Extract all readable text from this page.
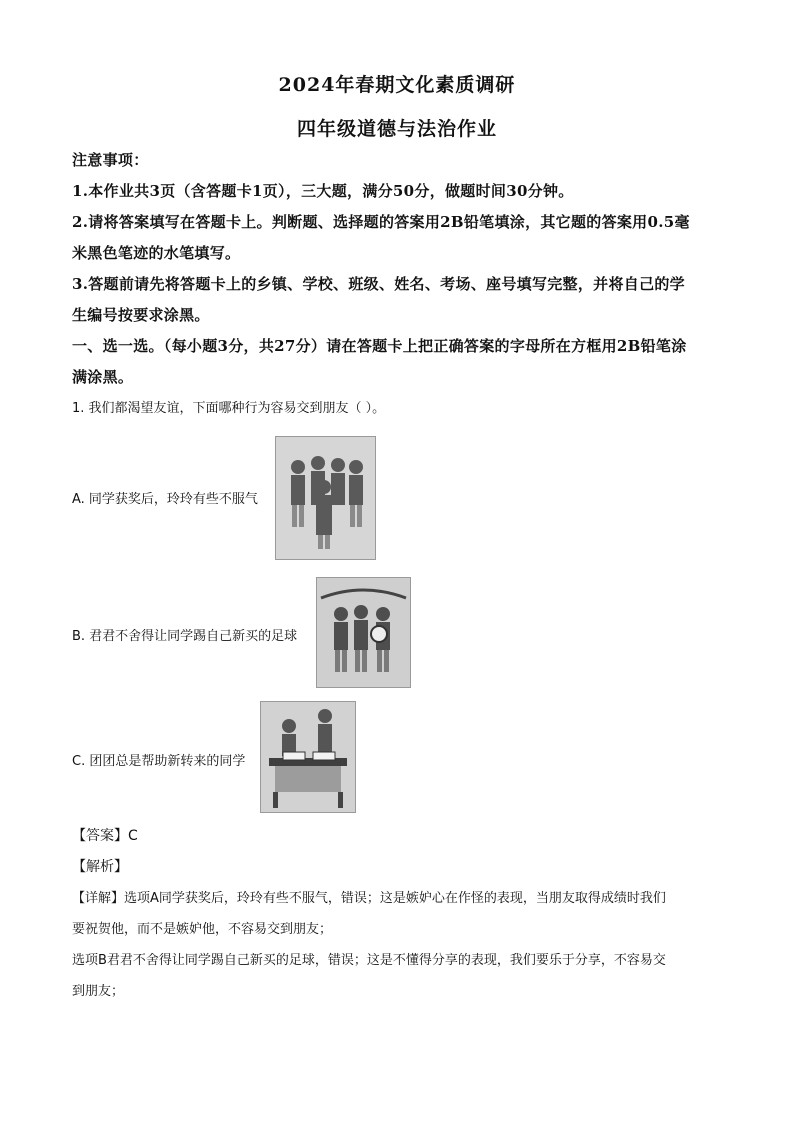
2024年春期文化素质调研
四年级道德与法治作业
注意事项：
1.本作业共3页（含答题卡1页），三大题，满分50分，做题时间30分钟。
2.请将答案填写在答题卡上。判断题、选择题的答案用2B铅笔填涂，其它题的答案用0.5毫
米黑色笔迹的水笔填写。
3.答题前请先将答题卡上的乡镇、学校、班级、姓名、考场、座号填写完整，并将自己的学
生编号按要求涂黑。
一、选一选。（每小题3分，共27分）请在答题卡上把正确答案的字母所在方框用2B铅笔涂
满涂黑。
1. 我们都渴望友谊，下面哪种行为容易交到朋友（ ）。
A. 同学获奖后，玲玲有些不服气
B. 君君不舍得让同学踢自己新买的足球
C. 团团总是帮助新转来的同学
【答案】C
【解析】
【详解】选项A同学获奖后，玲玲有些不服气，错误；这是嫉妒心在作怪的表现，当朋友取得成绩时我们
要祝贺他，而不是嫉妒他，不容易交到朋友；
选项B君君不舍得让同学踢自己新买的足球，错误；这是不懂得分享的表现，我们要乐于分享，不容易交
到朋友；
